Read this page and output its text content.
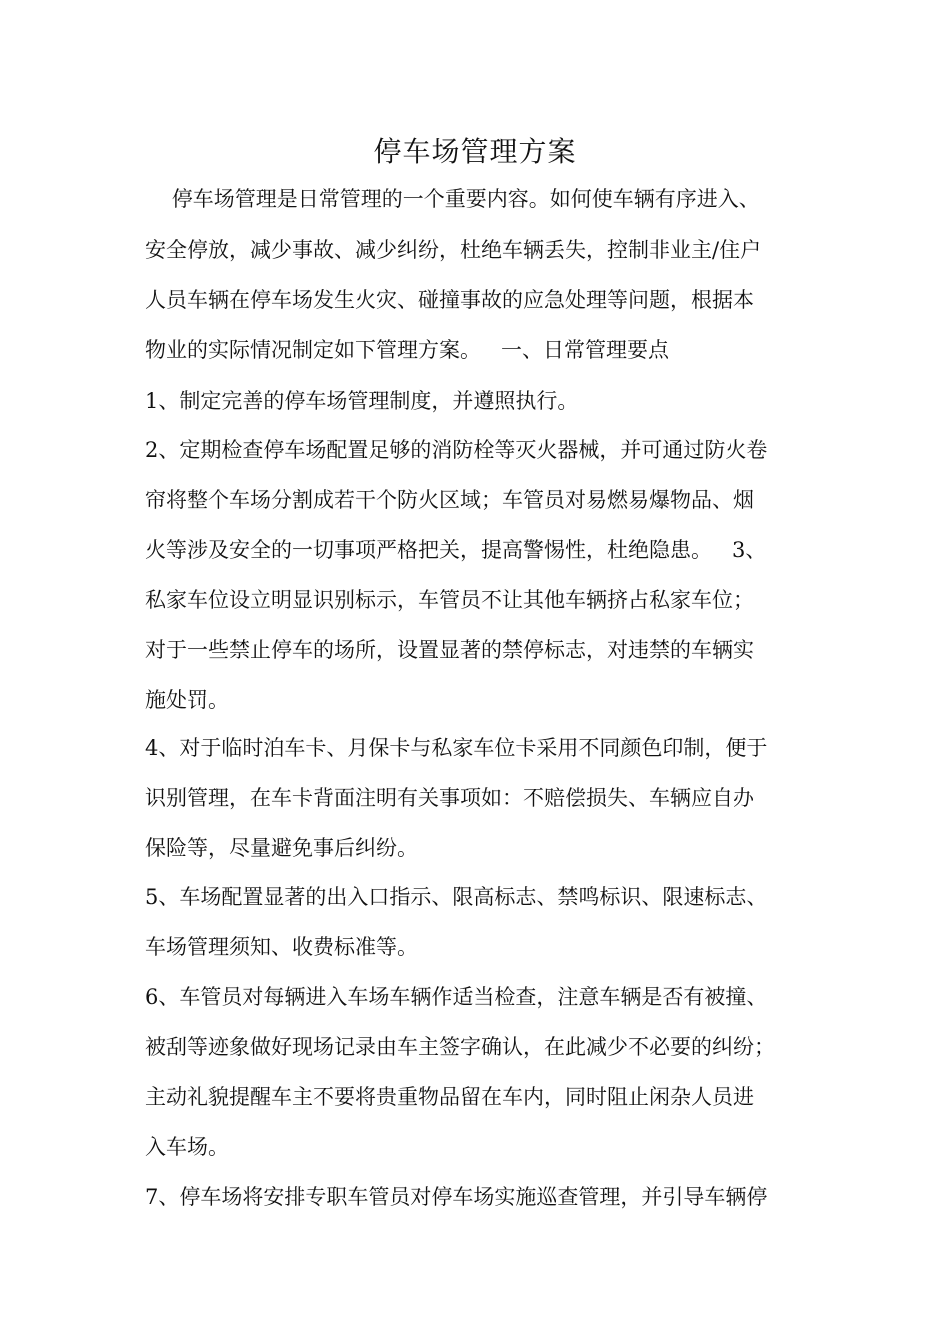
停车场管理方案
停车场管理是日常管理的一个重要内容。如何使车辆有序进入、
安全停放，减少事故、减少纠纷，杜绝车辆丢失，控制非业主/住户
人员车辆在停车场发生火灾、碰撞事故的应急处理等问题，根据本
物业的实际情况制定如下管理方案。   一、日常管理要点
1、制定完善的停车场管理制度，并遵照执行。
2、定期检查停车场配置足够的消防栓等灭火器械，并可通过防火卷
帘将整个车场分割成若干个防火区域；车管员对易燃易爆物品、烟
火等涉及安全的一切事项严格把关，提高警惕性，杜绝隐患。   3、
私家车位设立明显识别标示，车管员不让其他车辆挤占私家车位；
对于一些禁止停车的场所，设置显著的禁停标志，对违禁的车辆实
施处罚。
4、对于临时泊车卡、月保卡与私家车位卡采用不同颜色印制，便于
识别管理，在车卡背面注明有关事项如：不赔偿损失、车辆应自办
保险等，尽量避免事后纠纷。
5、车场配置显著的出入口指示、限高标志、禁鸣标识、限速标志、
车场管理须知、收费标准等。
6、车管员对每辆进入车场车辆作适当检查，注意车辆是否有被撞、
被刮等迹象做好现场记录由车主签字确认，在此减少不必要的纠纷；
主动礼貌提醒车主不要将贵重物品留在车内，同时阻止闲杂人员进
入车场。
7、停车场将安排专职车管员对停车场实施巡查管理，并引导车辆停
